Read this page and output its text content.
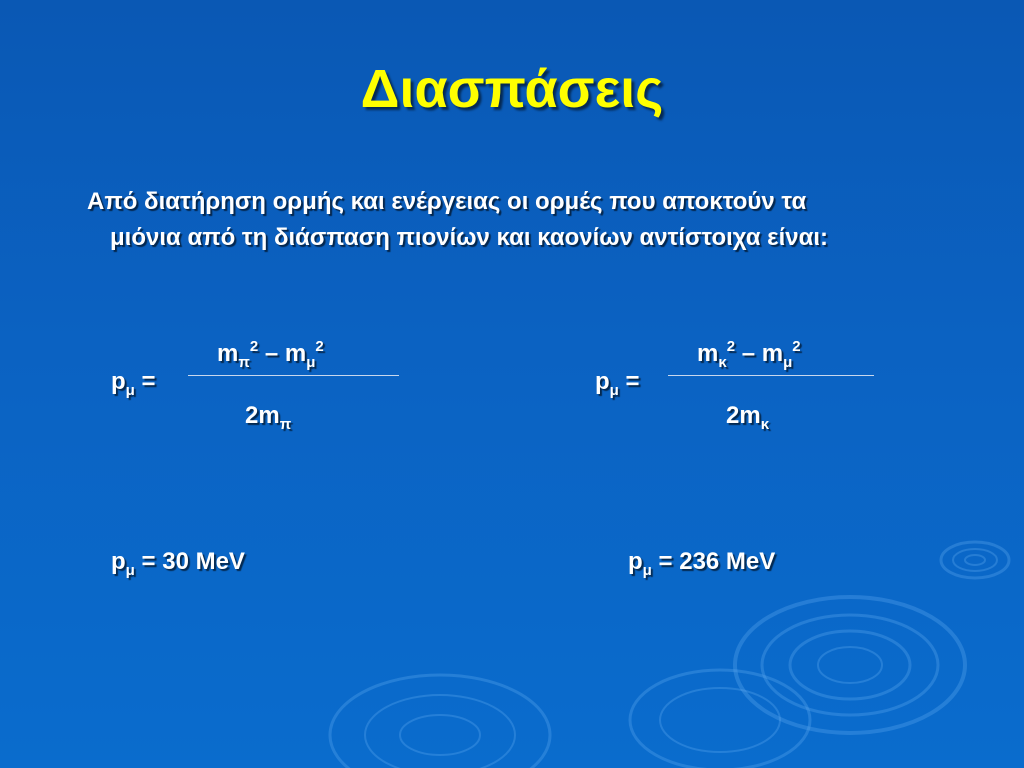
Διασπάσεις
Από διατήρηση ορμής και ενέργειας οι ορμές που αποκτούν τα
μιόνια από τη διάσπαση πιονίων και καονίων αντίστοιχα είναι:
$p_\mu$ =
$m_\pi^2 - m_\mu^2$
$2m_\pi$
$p_\mu$ =
$m_\kappa^2 - m_\mu^2$
$2m_\kappa$
$p_\mu = 30$ MeV	$p_\mu = 236$ MeV
